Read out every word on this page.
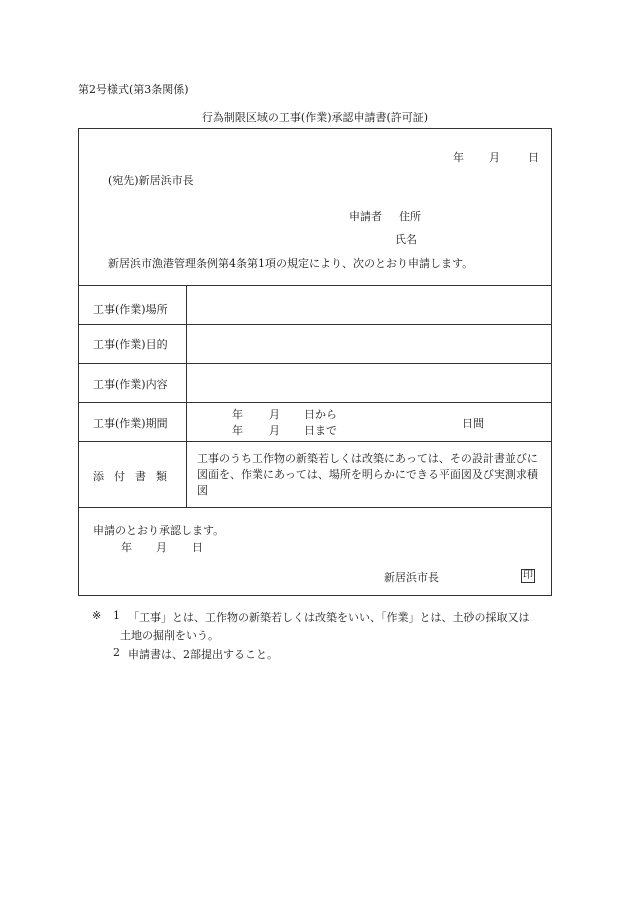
第2号様式(第3条関係)
行為制限区域の工事(作業)承認申請書(許可証)
年 月	日
(宛先)新居浜市長
申請者 住所
氏名
新居浜市漁港管理条例第4条第1項の規定により、次のとおり申請します。
工事(作業)場所
工事(作業)目的
工事(作業)内容
工事(作業)期間
年 月 日から
年 月 日まで
日間
添付書類
工事のうち工作物の新築若しくは改築にあっては、その設計書並びに図面を、作業にあっては、場所を明らかにできる平面図及び実測求積図
申請のとおり承認します。
年 月 日
新居浜市長	印
※ 1 「工事」とは、工作物の新築若しくは改築をいい、「作業」とは、土砂の採取又は
土地の掘削をいう。
2 申請書は、2部提出すること。
